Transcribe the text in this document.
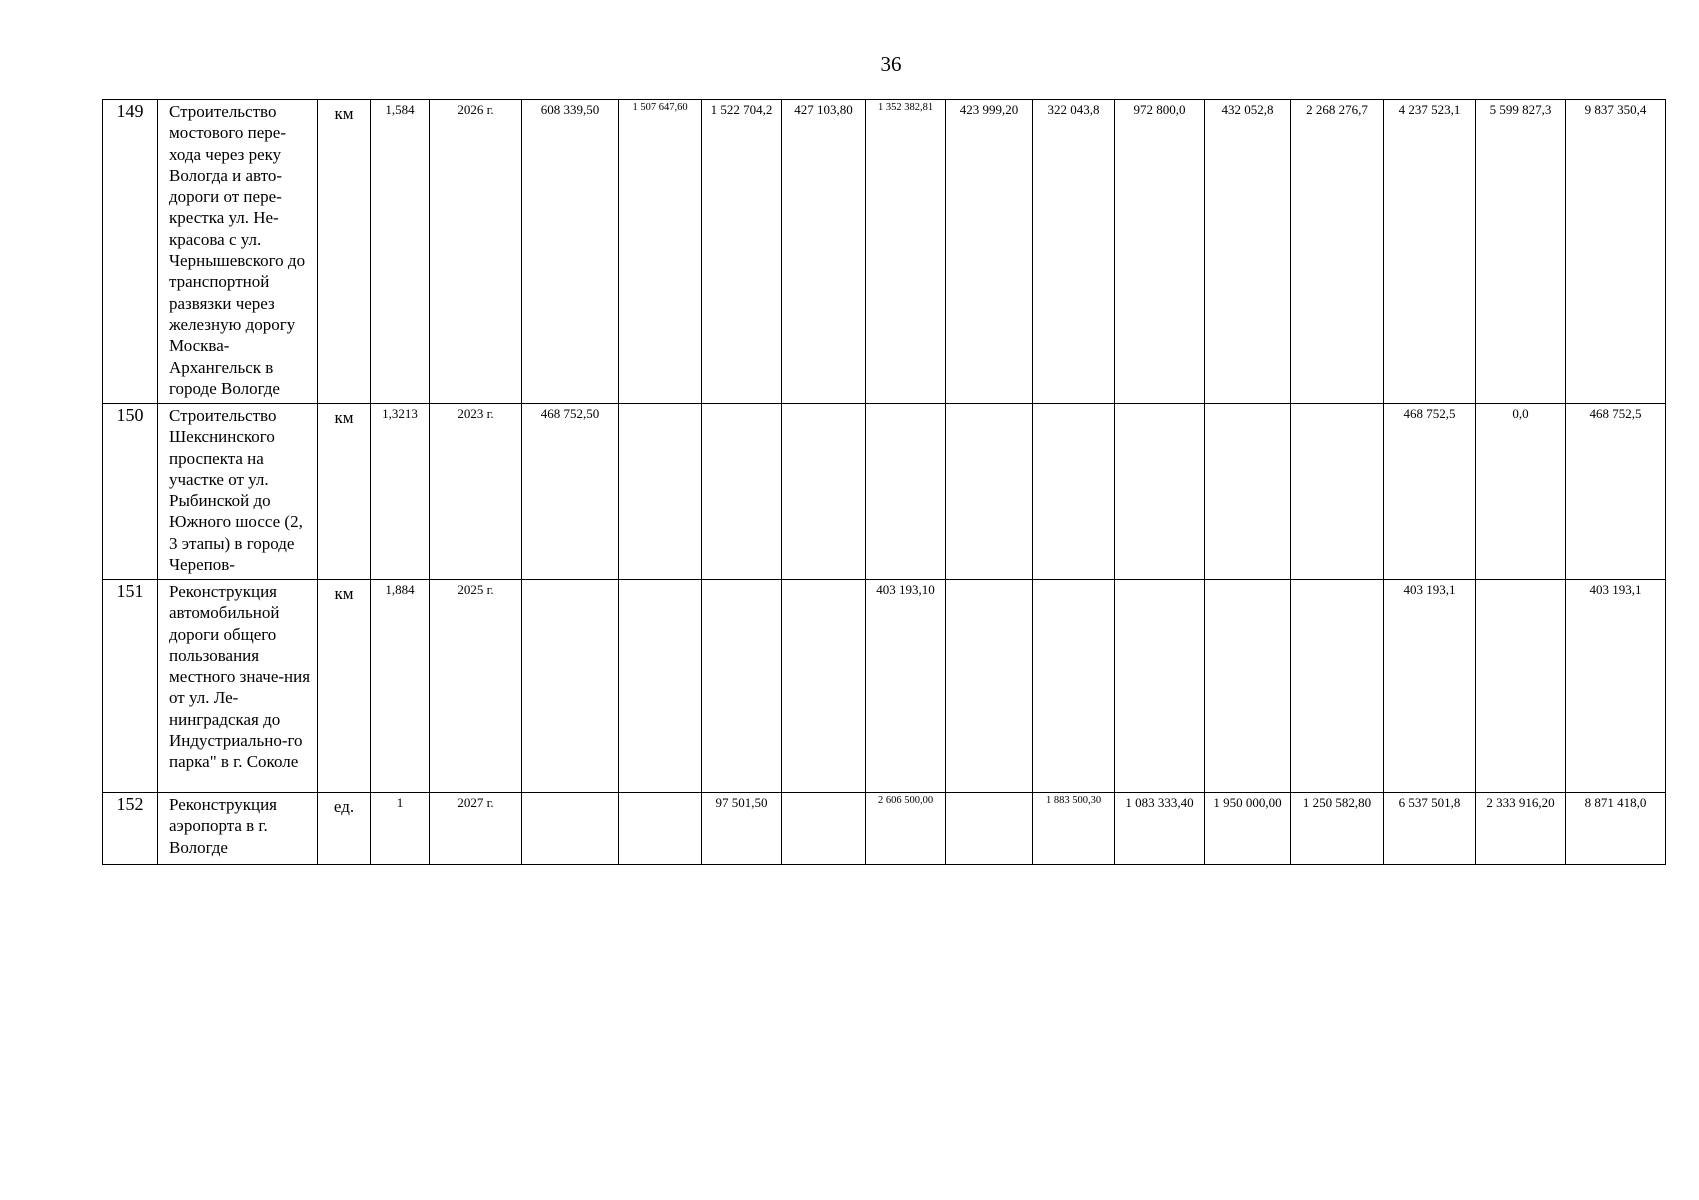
36
149	Строительство мостового пере-хода через реку Вологда и авто-дороги от пере-крестка ул. Не-красова с ул. Чернышевского до транспортной развязки через железную дорогу Москва-Архангельск в городе Вологде	км	1,584	2026 г.	608 339,50	1 507 647,60	1 522 704,2	427 103,80	1 352 382,81	423 999,20	322 043,8	972 800,0	432 052,8	2 268 276,7	4 237 523,1	5 599 827,3	9 837 350,4
150	Строительство Шекснинского проспекта на участке от ул. Рыбинской до Южного шоссе (2, 3 этапы) в городе Черепов-	км	1,3213	2023 г.	468 752,50										468 752,5	0,0	468 752,5
151	Реконструкция автомобильной дороги общего пользования местного значе-ния от ул. Ле-нинградская до Индустриально-го парка" в г. Соколе	км	1,884	2025 г.					403 193,10						403 193,1		403 193,1
152	Реконструкция аэропорта в г. Вологде	ед.	1	2027 г.			97 501,50		2 606 500,00		1 883 500,30	1 083 333,40	1 950 000,00	1 250 582,80	6 537 501,8	2 333 916,20	8 871 418,0
